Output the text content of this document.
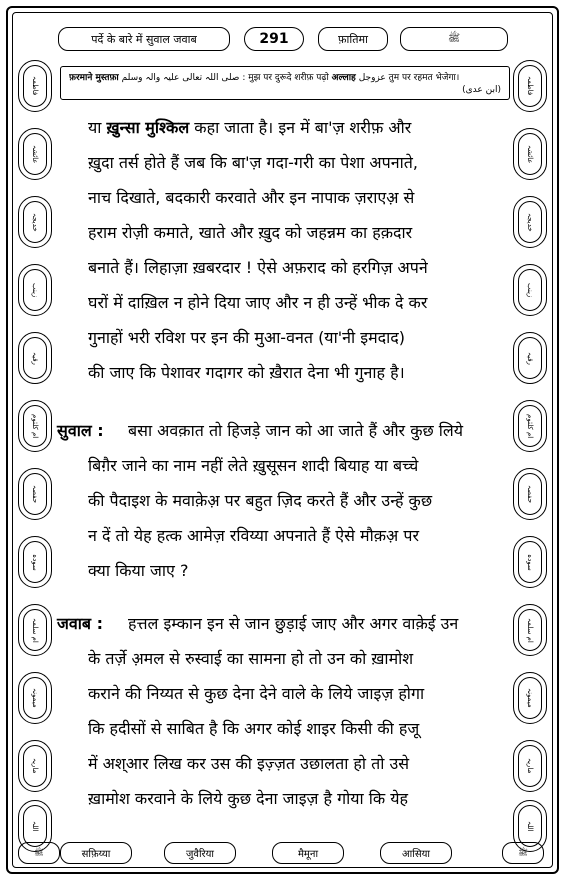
पर्दे के बारे में सुवाल जवाब	291	फ़ातिमा	ﷺ
फ़रमाने मुस्तफ़ा صلی اللہ تعالی علیہ والہ وسلم : मुझ पर दुरूदे शरीफ़ पढ़ो अल्लाह عزوجل तुम पर रहमत भेजेगा।
(ابن عدی)
فاطمہ
عائشہ
خدیجہ
زینب
رقیہ
ام کلثوم
حفصہ
سودہ
ام سلمہ
میمونہ
ماریہ
اللہ
فاطمہ
عائشہ
خدیجہ
زینب
رقیہ
ام کلثوم
حفصہ
سودہ
ام سلمہ
میمونہ
ماریہ
اللہ
या ख़ुन्सा मुश्किल कहा जाता है। इन में बा'ज़ शरीफ़ और
ख़ुदा तर्स होते हैं जब कि बा'ज़ गदा-गरी का पेशा अपनाते,
नाच दिखाते, बदकारी करवाते और इन नापाक ज़राएअ़ से
हराम रोज़ी कमाते, खाते और ख़ुद को जहन्नम का हक़दार
बनाते हैं। लिहाज़ा ख़बरदार ! ऐसे अफ़राद को हरगिज़ अपने
घरों में दाख़िल न होने दिया जाए और न ही उन्हें भीक दे कर
गुनाहों भरी रविश पर इन की मुआ-वनत (या'नी इमदाद)
की जाए कि पेशावर गदागर को ख़ैरात देना भी गुनाह है।
सुवाल : बसा अवक़ात तो हिजड़े जान को आ जाते हैं और कुछ लिये
बिग़ैर जाने का नाम नहीं लेते ख़ुसूसन शादी बियाह या बच्चे
की पैदाइश के मवाक़ेअ़ पर बहुत ज़िद करते हैं और उन्हें कुछ
न दें तो येह हत्क आमेज़ रविय्या अपनाते हैं ऐसे मौक़अ़ पर
क्या किया जाए ?
जवाब : हत्तल इम्कान इन से जान छुड़ाई जाए और अगर वाक़ेई उन
के तर्ज़े अ़मल से रुस्वाई का सामना हो तो उन को ख़ामोश
कराने की निय्यत से कुछ देना देने वाले के लिये जाइज़ होगा
कि हदीसों से साबित है कि अगर कोई शाइर किसी की हजू
में अश्आर लिख कर उस की इज़्ज़त उछालता हो तो उसे
ख़ामोश करवाने के लिये कुछ देना जाइज़ है गोया कि येह
ﷺ	सफ़िय्या	जुवैरिया	मैमूना	आसिया	ﷺ
